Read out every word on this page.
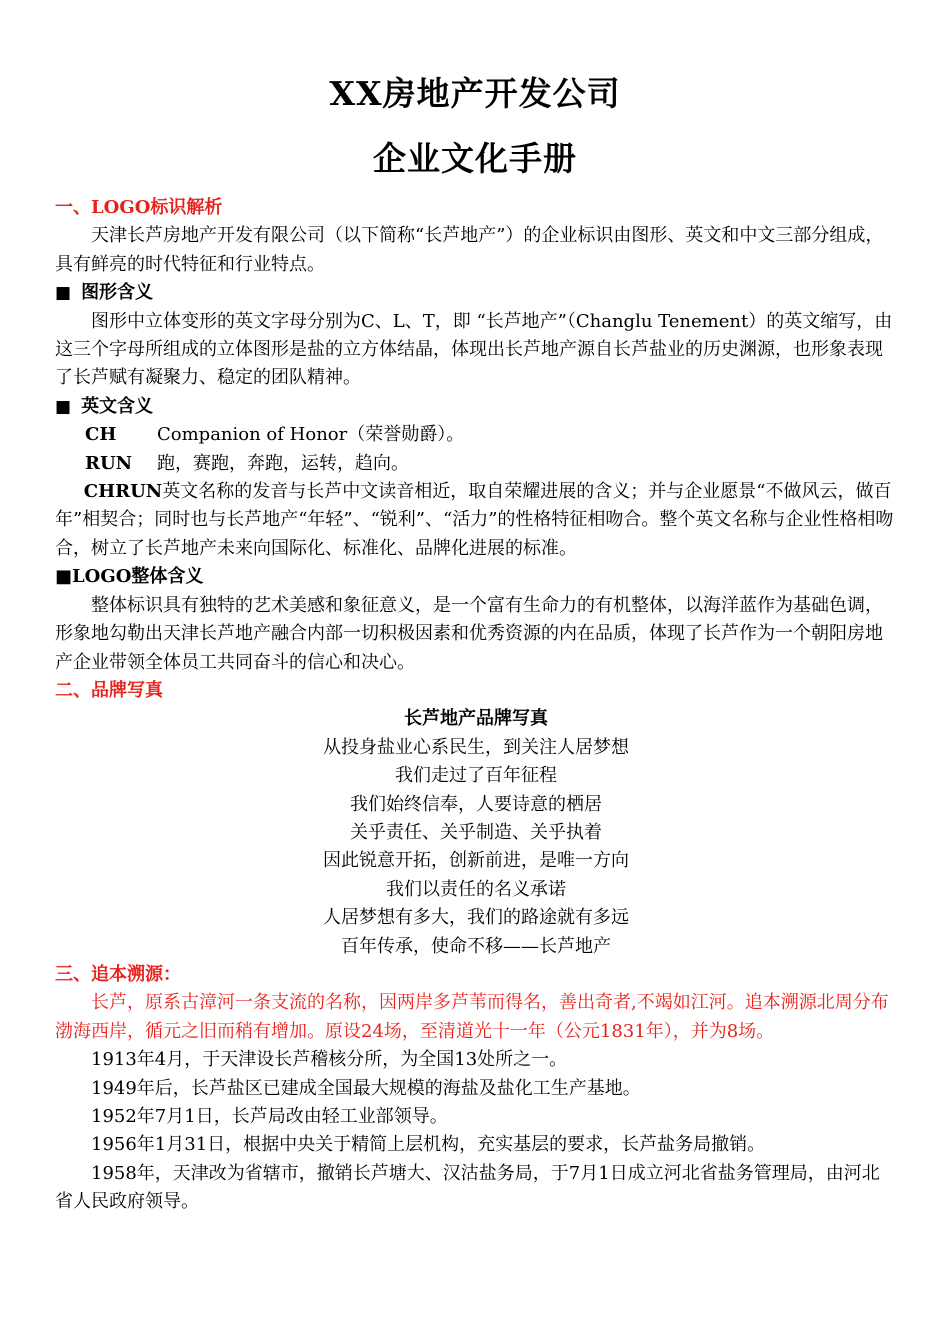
XX房地产开发公司
企业文化手册

一、LOGO标识解析

天津长芦房地产开发有限公司（以下简称“长芦地产”）的企业标识由图形、英文和中文三部分组成，具有鲜亮的时代特征和行业特点。

■ 图形含义

图形中立体变形的英文字母分别为C、L、T，即 “长芦地产”（Changlu Tenement）的英文缩写，由这三个字母所组成的立体图形是盐的立方体结晶，体现出长芦地产源自长芦盐业的历史渊源，也形象表现了长芦赋有凝聚力、稳定的团队精神。

■ 英文含义

CH	Companion of Honor（荣誉勋爵）。
RUN	跑，赛跑，奔跑，运转，趋向。

CHRUN英文名称的发音与长芦中文读音相近，取自荣耀进展的含义；并与企业愿景“不做风云，做百年”相契合；同时也与长芦地产“年轻”、“锐利”、“活力”的性格特征相吻合。整个英文名称与企业性格相吻合，树立了长芦地产未来向国际化、标准化、品牌化进展的标准。

■LOGO整体含义

整体标识具有独特的艺术美感和象征意义，是一个富有生命力的有机整体，以海洋蓝作为基础色调，形象地勾勒出天津长芦地产融合内部一切积极因素和优秀资源的内在品质，体现了长芦作为一个朝阳房地产企业带领全体员工共同奋斗的信心和决心。

二、品牌写真

长芦地产品牌写真

从投身盐业心系民生，到关注人居梦想

我们走过了百年征程

我们始终信奉，人要诗意的栖居

关乎责任、关乎制造、关乎执着

因此锐意开拓，创新前进，是唯一方向

我们以责任的名义承诺

人居梦想有多大，我们的路途就有多远

百年传承，使命不移——长芦地产

三、追本溯源：

长芦，原系古漳河一条支流的名称，因两岸多芦苇而得名，善出奇者,不竭如江河。追本溯源北周分布渤海西岸，循元之旧而稍有增加。原设24场，至清道光十一年（公元1831年），并为8场。

1913年4月，于天津设长芦稽核分所，为全国13处所之一。

1949年后，长芦盐区已建成全国最大规模的海盐及盐化工生产基地。

1952年7月1日，长芦局改由轻工业部领导。

1956年1月31日，根据中央关于精简上层机构，充实基层的要求，长芦盐务局撤销。

1958年，天津改为省辖市，撤销长芦塘大、汉沽盐务局，于7月1日成立河北省盐务管理局，由河北省人民政府领导。
